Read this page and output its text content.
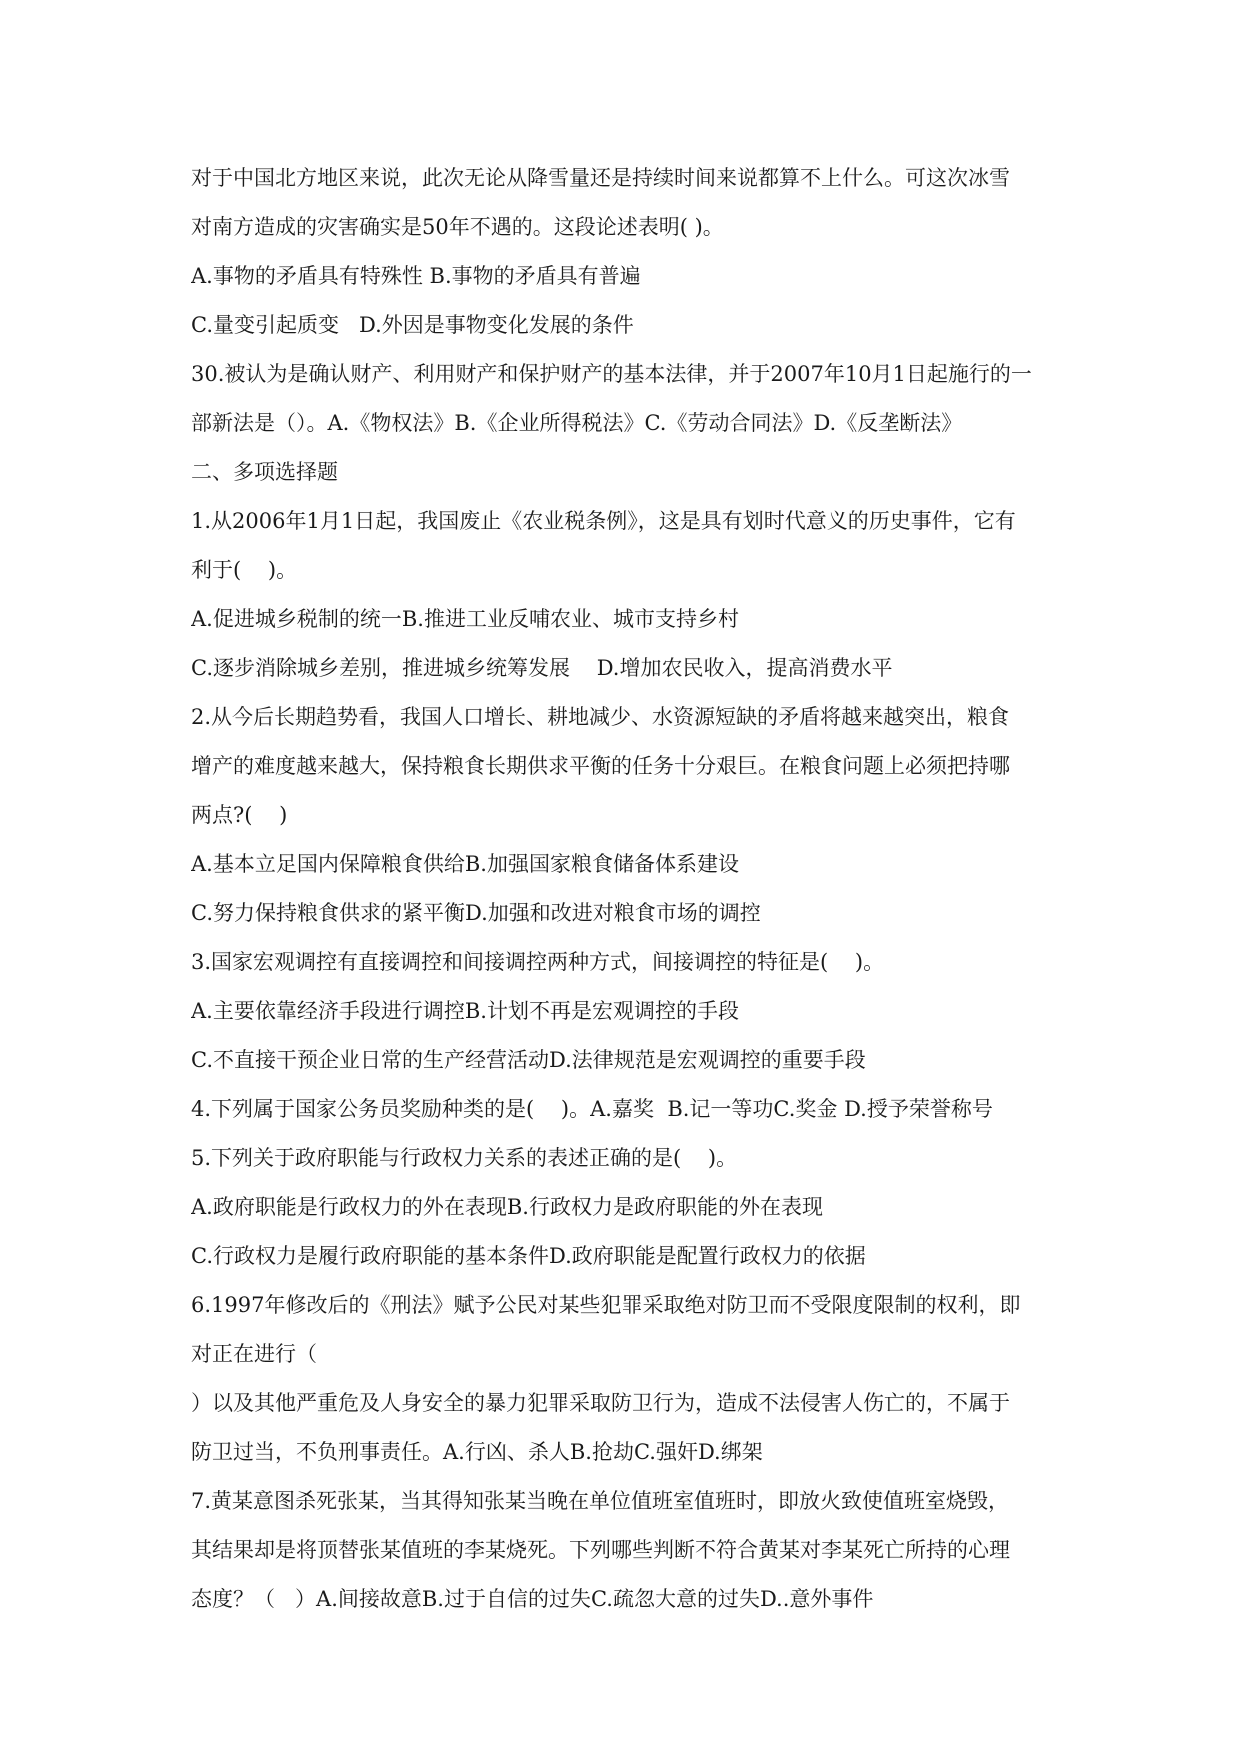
对于中国北方地区来说，此次无论从降雪量还是持续时间来说都算不上什么。可这次冰雪
对南方造成的灾害确实是50年不遇的。这段论述表明( )。
A.事物的矛盾具有特殊性 B.事物的矛盾具有普遍
C.量变引起质变   D.外因是事物变化发展的条件
30.被认为是确认财产、利用财产和保护财产的基本法律，并于2007年10月1日起施行的一
部新法是（）。A.《物权法》B.《企业所得税法》C.《劳动合同法》D.《反垄断法》
二、多项选择题
1.从2006年1月1日起，我国废止《农业税条例》，这是具有划时代意义的历史事件，它有
利于(    )。
A.促进城乡税制的统一B.推进工业反哺农业、城市支持乡村
C.逐步消除城乡差别，推进城乡统筹发展    D.增加农民收入，提高消费水平
2.从今后长期趋势看，我国人口增长、耕地减少、水资源短缺的矛盾将越来越突出，粮食
增产的难度越来越大，保持粮食长期供求平衡的任务十分艰巨。在粮食问题上必须把持哪
两点?(    )
A.基本立足国内保障粮食供给B.加强国家粮食储备体系建设
C.努力保持粮食供求的紧平衡D.加强和改进对粮食市场的调控
3.国家宏观调控有直接调控和间接调控两种方式，间接调控的特征是(    )。
A.主要依靠经济手段进行调控B.计划不再是宏观调控的手段
C.不直接干预企业日常的生产经营活动D.法律规范是宏观调控的重要手段
4.下列属于国家公务员奖励种类的是(    )。A.嘉奖  B.记一等功C.奖金 D.授予荣誉称号
5.下列关于政府职能与行政权力关系的表述正确的是(    )。
A.政府职能是行政权力的外在表现B.行政权力是政府职能的外在表现
C.行政权力是履行政府职能的基本条件D.政府职能是配置行政权力的依据
6.1997年修改后的《刑法》赋予公民对某些犯罪采取绝对防卫而不受限度限制的权利，即
对正在进行（
）以及其他严重危及人身安全的暴力犯罪采取防卫行为，造成不法侵害人伤亡的，不属于
防卫过当，不负刑事责任。A.行凶、杀人B.抢劫C.强奸D.绑架
7.黄某意图杀死张某，当其得知张某当晚在单位值班室值班时，即放火致使值班室烧毁，
其结果却是将顶替张某值班的李某烧死。下列哪些判断不符合黄某对李某死亡所持的心理
态度？（   ）A.间接故意B.过于自信的过失C.疏忽大意的过失D..意外事件
